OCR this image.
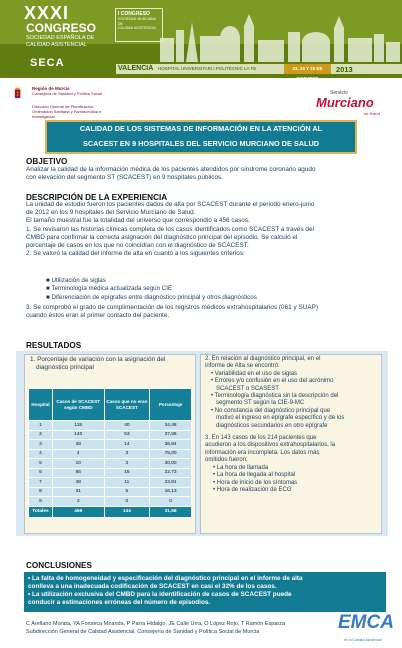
XXXI
CONGRESO
SOCIEDAD ESPAÑOLA DE
CALIDAD ASISTENCIAL
SECA
I CONGRESO
SOCIEDAD MURCIANA DE
CALIDAD ASISTENCIAL
VALENCIA HOSPITAL UNIVERSITARI I POLITÈCNIC LA FE	23, 24 Y 25 DE OCTUBRE
2013
Región de Murcia
Consejería de Sanidad y Política Social
Dirección General de Planificación, Ordenación Sanitaria y Farmacéutica e Investigación
Servicio
Murciano
de Salud
CALIDAD DE LOS SISTEMAS DE INFORMACIÓN EN LA ATENCIÓN AL
SCACEST EN 9 HOSPITALES DEL SERVICIO MURCIANO DE SALUD
OBJETIVO
Analizar la calidad de la información médica de los pacientes atendidos por síndrome coronario agudo
con elevación del segmento ST (SCACEST) en 9 hospitales públicos.
DESCRIPCIÓN DE LA EXPERIENCIA
La unidad de estudio fueron los pacientes dados de alta por SCACEST durante el periodo enero-junio
de 2012 en los 9 hospitales del Servicio Murciano de Salud.
El tamaño muestral fue la totalidad del universo que correspondió a 456 casos.
1. Se revisaron las historias clínicas completa de los casos identificados como SCACEST a través del
CMBD para confirmar la correcta asignación del diagnóstico principal del episodio. Se calculó el
porcentaje de casos en los que no coincidían con el diagnóstico de SCACEST.
2. Se valoró la calidad del informe de alta en cuanto a los siguientes criterios:
■ Utilización de siglas
■ Terminología médica actualizada según CIE
■ Diferenciación de epígrafes entre diagnóstico principal y otros diagnósticos
3. Se comprobó el grado de cumplimentación de los registros médicos extrahospitalarios (061 y SUAP)
cuando éstos eran el primer contacto del paciente.
RESULTADOS
1. Porcentaje de variación con la asignación del
diagnóstico principal
Hospital	Casos de SCACEST según CMBD	Casos que no eran SCACEST	Porcentaje
1	118	40	34,48
2	140	53	37,86
3	38	14	36,84
4	4	3	75,00
5	10	3	30,00
6	66	15	22,73
7	48	11	23,91
8	31	5	16,13
9	3	0	0
Totales	456	144	31,58
2. En relación al diagnóstico principal, en el
informe de Alta se encontró:
• Variabilidad en el uso de siglas
• Errores y/o confusión en el uso del acrónimo
SCACEST o SCASEST
• Terminología diagnóstica sin la descripción del
segmento ST según la CIE-9-MC
• No constancia del diagnóstico principal que
motivó el ingreso en epígrafe específico y de los
diagnósticos secundarios en otro epígrafe
3. En 143 casos de los 214 pacientes que
acudieron a los dispositivos extrahospitalarios, la
información era incompleta. Los datos más
omitidos fueron:
• La hora de llamada
• La hora de llegada al hospital
• Hora de inicio de los síntomas
• Hora de realización de ECG
CONCLUSIONES
• La falta de homogeneidad y especificación del diagnóstico principal en el informe de alta
conlleva a una inadecuada codificación de SCACEST en casi el 32% de los casos.
• La utilización exclusiva del CMBD para la identificación de casos de SCACEST puede
conducir a estimaciones erróneas del número de episodios.
C Arellano Morata, YA Fonseca Miranda, P Parra Hidalgo, JE Calle Urra, O López Rojo, T Ramón Esparza
Subdirección General de Calidad Asistencial. Consejería de Sanidad y Política Social de Murcia	EMCA
en la Calidad Asistencial
